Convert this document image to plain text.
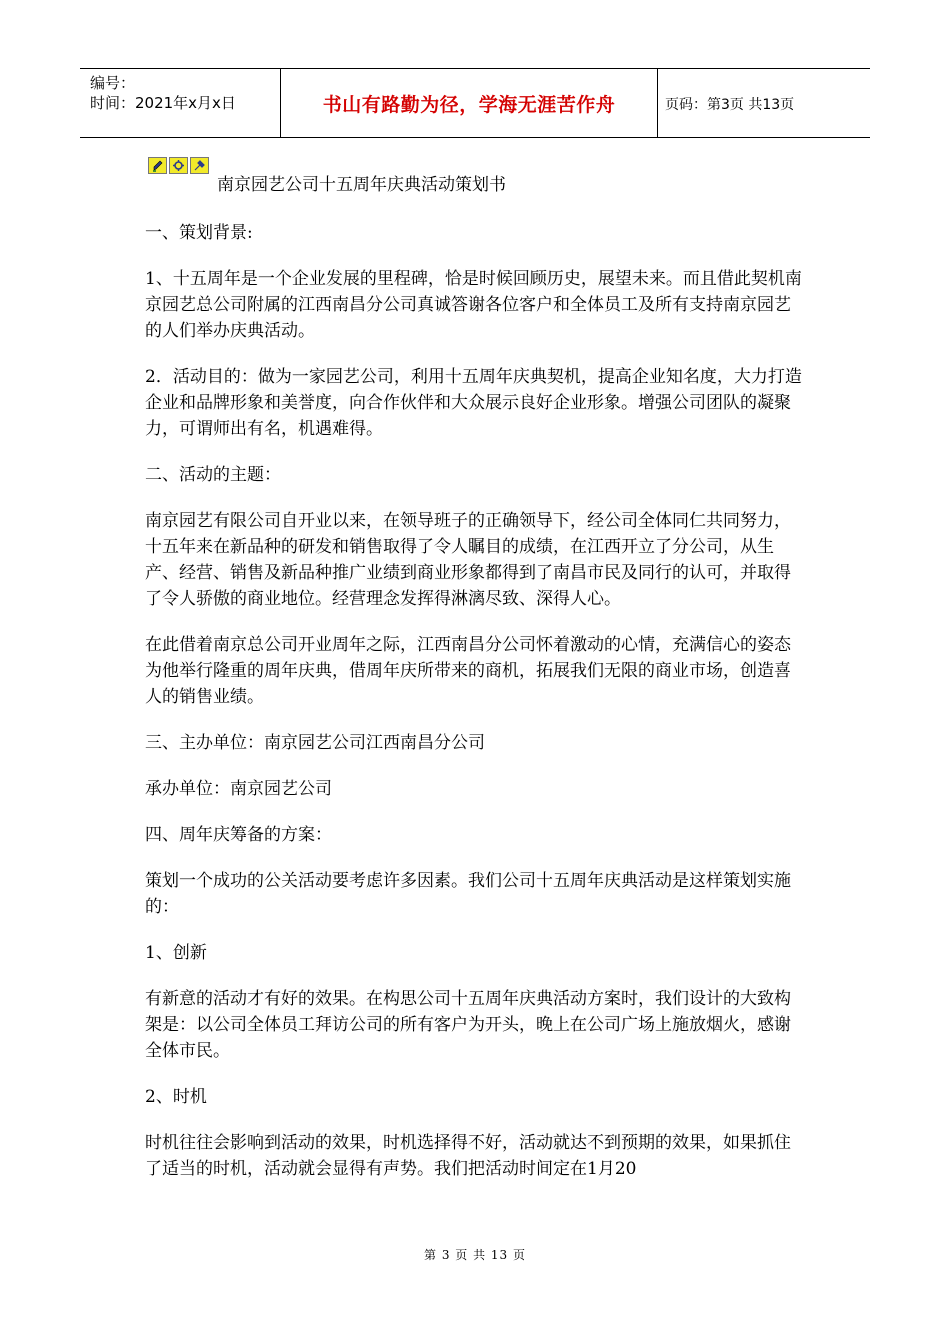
编号：
时间：2021年x月x日	书山有路勤为径，学海无涯苦作舟	页码：第3页 共13页

南京园艺公司十五周年庆典活动策划书

一、策划背景:

1、十五周年是一个企业发展的里程碑，恰是时候回顾历史，展望未来。而且借此契机南京园艺总公司附属的江西南昌分公司真诚答谢各位客户和全体员工及所有支持南京园艺的人们举办庆典活动。

2．活动目的：做为一家园艺公司，利用十五周年庆典契机，提高企业知名度，大力打造企业和品牌形象和美誉度，向合作伙伴和大众展示良好企业形象。增强公司团队的凝聚力，可谓师出有名，机遇难得。

二、活动的主题：

南京园艺有限公司自开业以来，在领导班子的正确领导下，经公司全体同仁共同努力，十五年来在新品种的研发和销售取得了令人瞩目的成绩，在江西开立了分公司，从生产、经营、销售及新品种推广业绩到商业形象都得到了南昌市民及同行的认可，并取得了令人骄傲的商业地位。经营理念发挥得淋漓尽致、深得人心。

在此借着南京总公司开业周年之际，江西南昌分公司怀着激动的心情，充满信心的姿态为他举行隆重的周年庆典，借周年庆所带来的商机，拓展我们无限的商业市场，创造喜人的销售业绩。

三、主办单位：南京园艺公司江西南昌分公司

承办单位：南京园艺公司

四、周年庆筹备的方案：

策划一个成功的公关活动要考虑许多因素。我们公司十五周年庆典活动是这样策划实施的：

1、创新

有新意的活动才有好的效果。在构思公司十五周年庆典活动方案时，我们设计的大致构架是：以公司全体员工拜访公司的所有客户为开头，晚上在公司广场上施放烟火，感谢全体市民。

2、时机

时机往往会影响到活动的效果，时机选择得不好，活动就达不到预期的效果，如果抓住了适当的时机，活动就会显得有声势。我们把活动时间定在1月20

第 3 页 共 13 页
